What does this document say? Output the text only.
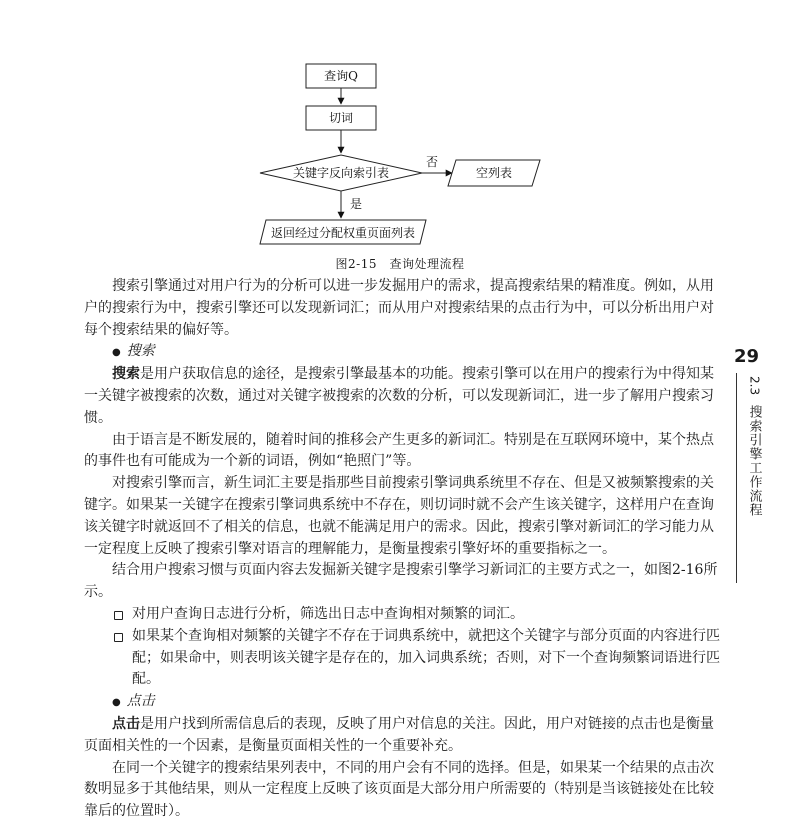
查询Q
切词
关键字反向索引表
否
空列表
是
返回经过分配权重页面列表
图2-15　查询处理流程

搜索引擎通过对用户行为的分析可以进一步发掘用户的需求，提高搜索结果的精准度。例如，从用户的搜索行为中，搜索引擎还可以发现新词汇；而从用户对搜索结果的点击行为中，可以分析出用户对每个搜索结果的偏好等。

● 搜索

搜索是用户获取信息的途径，是搜索引擎最基本的功能。搜索引擎可以在用户的搜索行为中得知某一关键字被搜索的次数，通过对关键字被搜索的次数的分析，可以发现新词汇，进一步了解用户搜索习惯。

由于语言是不断发展的，随着时间的推移会产生更多的新词汇。特别是在互联网环境中，某个热点的事件也有可能成为一个新的词语，例如“艳照门”等。

对搜索引擎而言，新生词汇主要是指那些目前搜索引擎词典系统里不存在、但是又被频繁搜索的关键字。如果某一关键字在搜索引擎词典系统中不存在，则切词时就不会产生该关键字，这样用户在查询该关键字时就返回不了相关的信息，也就不能满足用户的需求。因此，搜索引擎对新词汇的学习能力从一定程度上反映了搜索引擎对语言的理解能力，是衡量搜索引擎好坏的重要指标之一。

结合用户搜索习惯与页面内容去发掘新关键字是搜索引擎学习新词汇的主要方式之一，如图2-16所示。

对用户查询日志进行分析，筛选出日志中查询相对频繁的词汇。

如果某个查询相对频繁的关键字不存在于词典系统中，就把这个关键字与部分页面的内容进行匹配；如果命中，则表明该关键字是存在的，加入词典系统；否则，对下一个查询频繁词语进行匹配。

● 点击

点击是用户找到所需信息后的表现，反映了用户对信息的关注。因此，用户对链接的点击也是衡量页面相关性的一个因素，是衡量页面相关性的一个重要补充。

在同一个关键字的搜索结果列表中，不同的用户会有不同的选择。但是，如果某一个结果的点击次数明显多于其他结果，则从一定程度上反映了该页面是大部分用户所需要的（特别是当该链接处在比较靠后的位置时）。

29
2.3
搜索引擎工作流程
